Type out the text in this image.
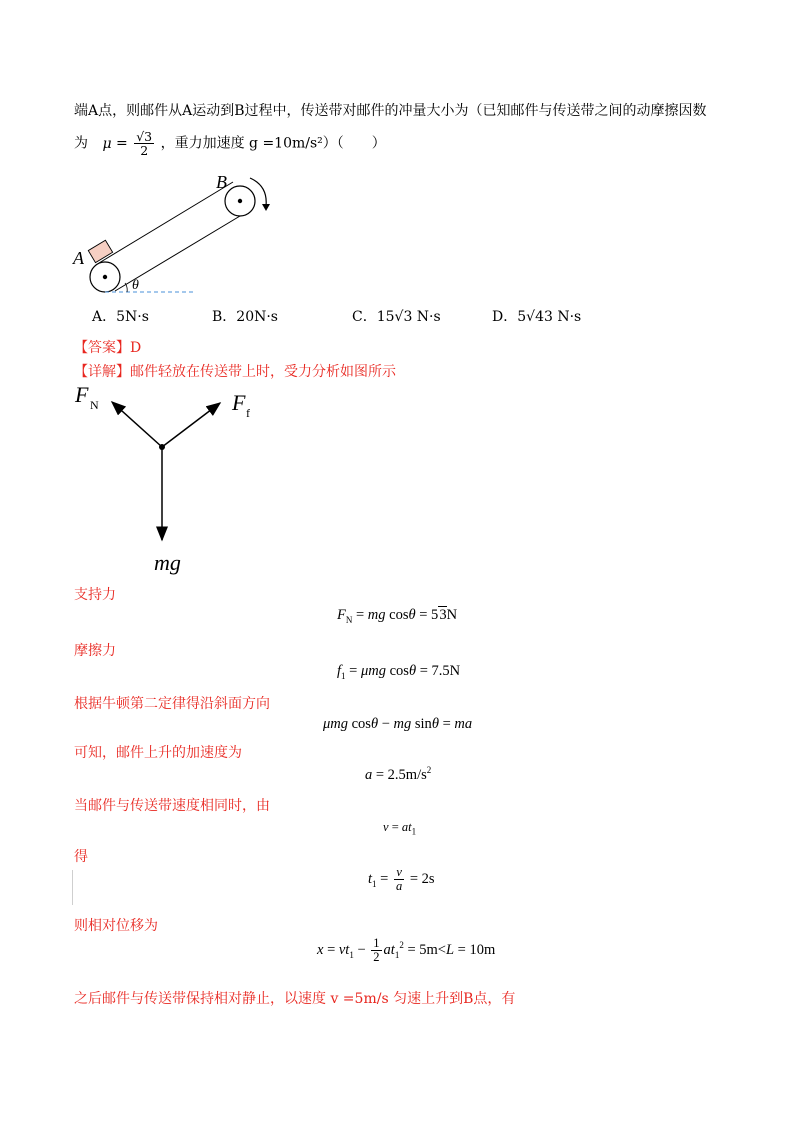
端A点，则邮件从A运动到B过程中，传送带对邮件的冲量大小为（已知邮件与传送带之间的动摩擦因数
为 $\mu = \frac{√3}{2}$ ，重力加速度 g =10m/s²）（　　）
θ
A
B
A．5N·s	B．20N·s	C．15√3 N·s	D．5√43 N·s
【答案】D
【详解】邮件轻放在传送带上时，受力分析如图所示
F N	F f
mg
支持力
$F_N$ = mg cosθ = 53N
摩擦力
$f_1 = \mu mg$ cosθ = 7.5N
根据牛顿第二定律得沿斜面方向
μmg cosθ − mg sinθ = ma
可知，邮件上升的加速度为
$a = 2.5m/s^2$
当邮件与传送带速度相同时，由
$v = at_1$
得
$t_1 = \frac{v}{a} = 2s$
则相对位移为
$x = vt_1 - \frac{1}{2} at_1^2 = 5m<L = 10m$
之后邮件与传送带保持相对静止，以速度 v =5m/s 匀速上升到B点，有
